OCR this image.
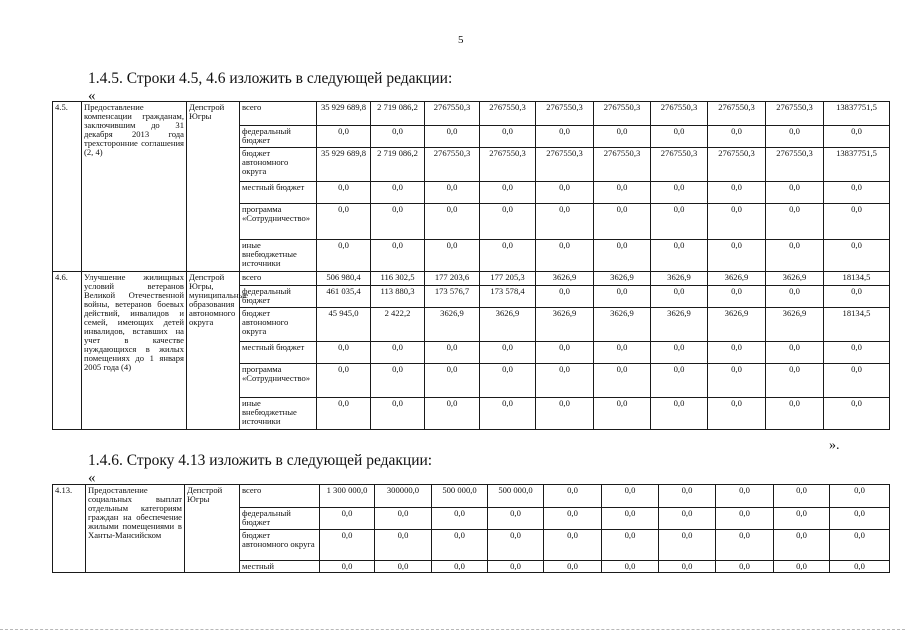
5
1.4.5. Строки 4.5, 4.6 изложить в следующей редакции:
«
4.5.	Предоставление компенсации гражданам, заключившим до 31 декабря 2013 года трехсторонние соглашения (2, 4)	Депстрой Югры	всего	35 929 689,8	2 719 086,2	2767550,3	2767550,3	2767550,3	2767550,3	2767550,3	2767550,3	2767550,3	13837751,5
			федеральный бюджет	0,0	0,0	0,0	0,0	0,0	0,0	0,0	0,0	0,0	0,0
			бюджет автономного округа	35 929 689,8	2 719 086,2	2767550,3	2767550,3	2767550,3	2767550,3	2767550,3	2767550,3	2767550,3	13837751,5
			местный бюджет	0,0	0,0	0,0	0,0	0,0	0,0	0,0	0,0	0,0	0,0
			программа «Сотрудничество»	0,0	0,0	0,0	0,0	0,0	0,0	0,0	0,0	0,0	0,0
			иные внебюджетные источники	0,0	0,0	0,0	0,0	0,0	0,0	0,0	0,0	0,0	0,0
4.6.	Улучшение жилищных условий ветеранов Великой Отечественной войны, ветеранов боевых действий, инвалидов и семей, имеющих детей инвалидов, вставших на учет в качестве нуждающихся в жилых помещениях до 1 января 2005 года (4)	Депстрой Югры, муниципальные образования автономного округа	всего	506 980,4	116 302,5	177 203,6	177 205,3	3626,9	3626,9	3626,9	3626,9	3626,9	18134,5
			федеральный бюджет	461 035,4	113 880,3	173 576,7	173 578,4	0,0	0,0	0,0	0,0	0,0	0,0
			бюджет автономного округа	45 945,0	2 422,2	3626,9	3626,9	3626,9	3626,9	3626,9	3626,9	3626,9	18134,5
			местный бюджет	0,0	0,0	0,0	0,0	0,0	0,0	0,0	0,0	0,0	0,0
			программа «Сотрудничество»	0,0	0,0	0,0	0,0	0,0	0,0	0,0	0,0	0,0	0,0
			иные внебюджетные источники	0,0	0,0	0,0	0,0	0,0	0,0	0,0	0,0	0,0	0,0
».
1.4.6. Строку 4.13 изложить в следующей редакции:
«
4.13.	Предоставление социальных выплат отдельным категориям граждан на обеспечение жилыми помещениями в Ханты-Мансийском	Депстрой Югры	всего	1 300 000,0	300000,0	500 000,0	500 000,0	0,0	0,0	0,0	0,0	0,0	0,0
			федеральный бюджет	0,0	0,0	0,0	0,0	0,0	0,0	0,0	0,0	0,0	0,0
			бюджет автономного округа	0,0	0,0	0,0	0,0	0,0	0,0	0,0	0,0	0,0	0,0
			местный	0,0	0,0	0,0	0,0	0,0	0,0	0,0	0,0	0,0	0,0
